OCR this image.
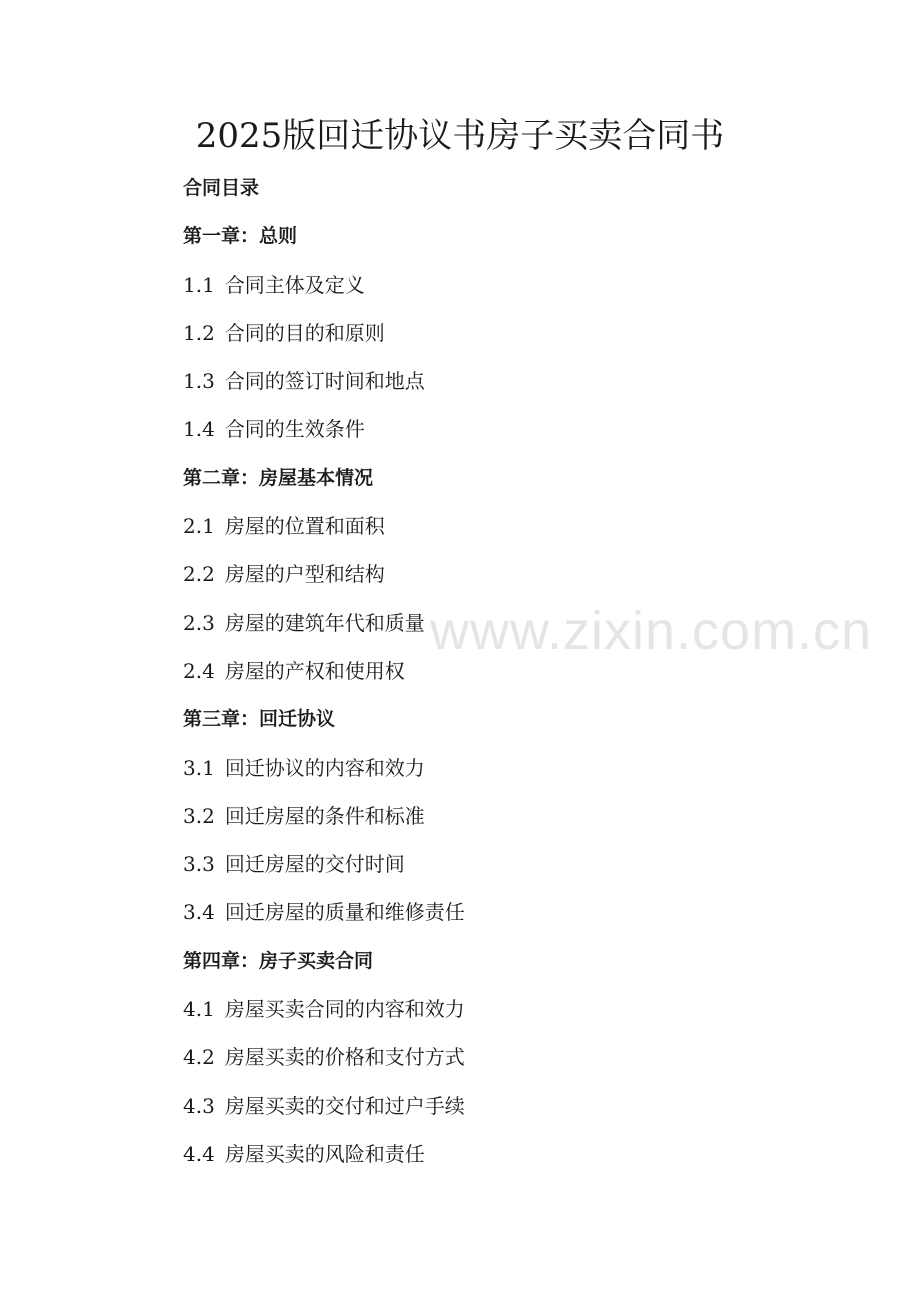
2025版回迁协议书房子买卖合同书
合同目录
第一章：总则
1.1 合同主体及定义
1.2 合同的目的和原则
1.3 合同的签订时间和地点
1.4 合同的生效条件
第二章：房屋基本情况
2.1 房屋的位置和面积
2.2 房屋的户型和结构
2.3 房屋的建筑年代和质量
2.4 房屋的产权和使用权
第三章：回迁协议
3.1 回迁协议的内容和效力
3.2 回迁房屋的条件和标准
3.3 回迁房屋的交付时间
3.4 回迁房屋的质量和维修责任
第四章：房子买卖合同
4.1 房屋买卖合同的内容和效力
4.2 房屋买卖的价格和支付方式
4.3 房屋买卖的交付和过户手续
4.4 房屋买卖的风险和责任
www.zixin.com.cn
